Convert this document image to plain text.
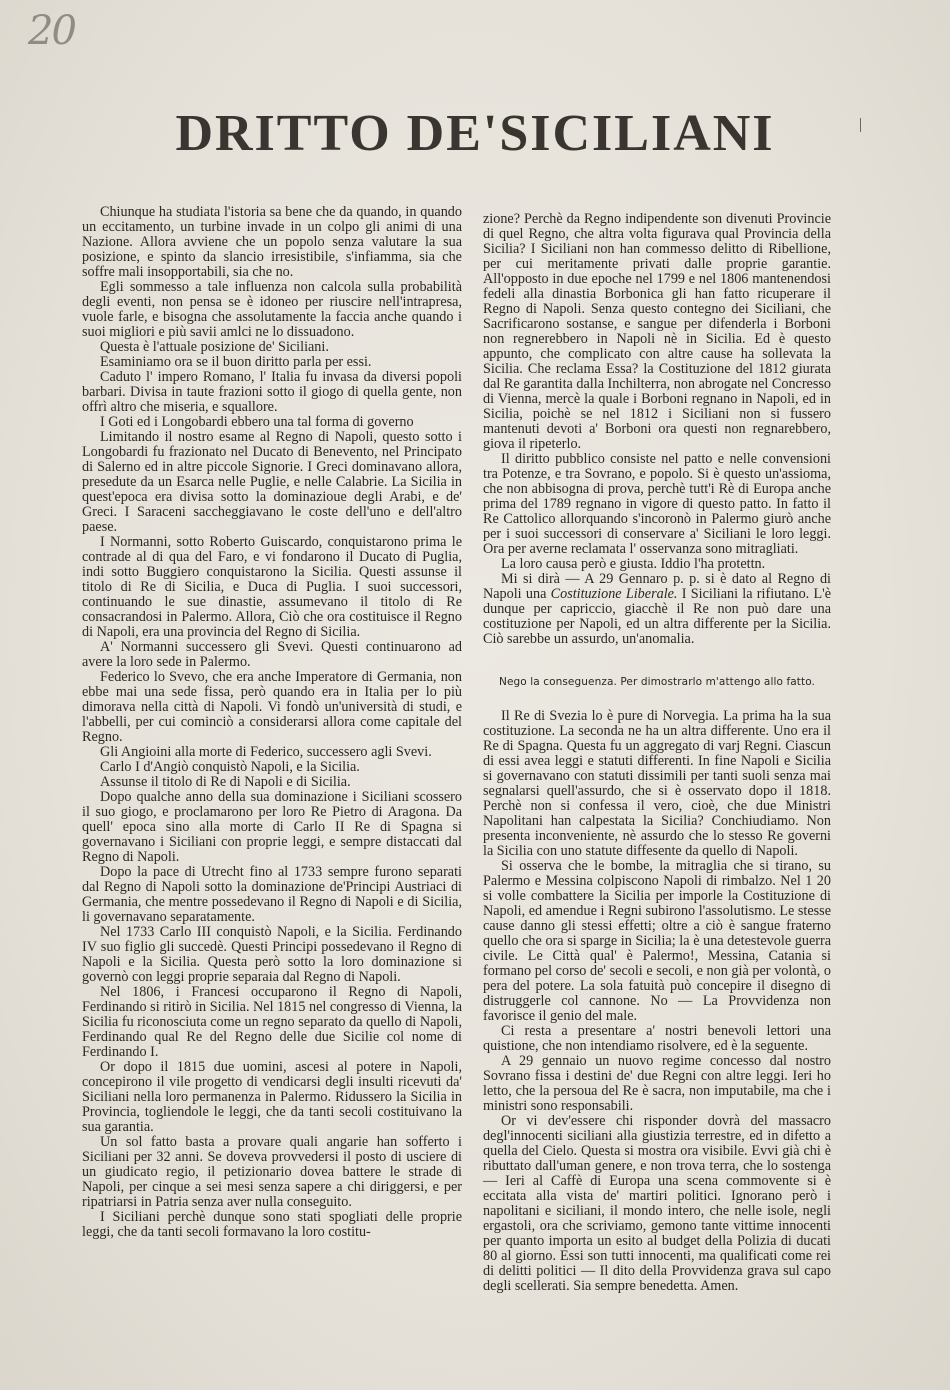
20
DRITTO DE'SICILIANI

Chiunque ha studiata l'istoria sa bene che da quando, in quando un eccitamento, un turbine invade in un colpo gli animi di una Nazione. Allora avviene che un popolo senza valutare la sua posizione, e spinto da slancio irresistibile, s'infiamma, sia che soffre mali insopportabili, sia che no.

Egli sommesso a tale influenza non calcola sulla probabilità degli eventi, non pensa se è idoneo per riuscire nell'intrapresa, vuole farle, e bisogna che assolutamente la faccia anche quando i suoi migliori e più savii amlci ne lo dissuadono.

Questa è l'attuale posizione de' Siciliani.

Esaminiamo ora se il buon diritto parla per essi.

Caduto l' impero Romano, l' Italia fu invasa da diversi popoli barbari. Divisa in taute frazioni sotto il giogo di quella gente, non offrì altro che miseria, e squallore.

I Goti ed i Longobardi ebbero una tal forma di governo

Limitando il nostro esame al Regno di Napoli, questo sotto i Longobardi fu frazionato nel Ducato di Benevento, nel Principato di Salerno ed in altre piccole Signorie. I Greci dominavano allora, presedute da un Esarca nelle Puglie, e nelle Calabrie. La Sicilia in quest'epoca era divisa sotto la dominazioue degli Arabi, e de' Greci. I Saraceni saccheggiavano le coste dell'uno e dell'altro paese.

I Normanni, sotto Roberto Guiscardo, conquistarono prima le contrade al di qua del Faro, e vi fondarono il Ducato di Puglia, indi sotto Buggiero conquistarono la Sicilia. Questi assunse il titolo di Re di Sicilia, e Duca di Puglia. I suoi successori, continuando le sue dinastie, assumevano il titolo di Re consacrandosi in Palermo. Allora, Ciò che ora costituisce il Regno di Napoli, era una provincia del Regno di Sicilia.

A' Normanni successero gli Svevi. Questi continuarono ad avere la loro sede in Palermo.

Federico lo Svevo, che era anche Imperatore di Germania, non ebbe mai una sede fissa, però quando era in Italia per lo più dimorava nella città di Napoli. Vi fondò un'università di studi, e l'abbelli, per cui cominciò a considerarsi allora come capitale del Regno.

Gli Angioini alla morte di Federico, successero agli Svevi.

Carlo I d'Angiò conquistò Napoli, e la Sicilia.

Assunse il titolo di Re di Napoli e di Sicilia.

Dopo qualche anno della sua dominazione i Siciliani scossero il suo giogo, e proclamarono per loro Re Pietro di Aragona. Da quell' epoca sino alla morte di Carlo II Re di Spagna si governavano i Siciliani con proprie leggi, e sempre distaccati dal Regno di Napoli.

Dopo la pace di Utrecht fino al 1733 sempre furono separati dal Regno di Napoli sotto la dominazione de'Principi Austriaci di Germania, che mentre possedevano il Regno di Napoli e di Sicilia, li governavano separatamente.

Nel 1733 Carlo III conquistò Napoli, e la Sicilia. Ferdinando IV suo figlio gli succedè. Questi Principi possedevano il Regno di Napoli e la Sicilia. Questa però sotto la loro dominazione si governò con leggi proprie separaia dal Regno di Napoli.

Nel 1806, i Francesi occuparono il Regno di Napoli, Ferdinando si ritirò in Sicilia. Nel 1815 nel congresso di Vienna, la Sicilia fu riconosciuta come un regno separato da quello di Napoli, Ferdinando qual Re del Regno delle due Sicilie col nome di Ferdinando I.

Or dopo il 1815 due uomini, ascesi al potere in Napoli, concepirono il vile progetto di vendicarsi degli insulti ricevuti da' Siciliani nella loro permanenza in Palermo. Ridussero la Sicilia in Provincia, togliendole le leggi, che da tanti secoli costituivano la sua garantia.

Un sol fatto basta a provare quali angarie han sofferto i Siciliani per 32 anni. Se doveva provvedersi il posto di usciere di un giudicato regio, il petizionario dovea battere le strade di Napoli, per cinque a sei mesi senza sapere a chi diriggersi, e per ripatriarsi in Patria senza aver nulla conseguito.

I Siciliani perchè dunque sono stati spogliati delle proprie leggi, che da tanti secoli formavano la loro costitu-

zione? Perchè da Regno indipendente son divenuti Provincie di quel Regno, che altra volta figurava qual Provincia della Sicilia? I Siciliani non han commesso delitto di Ribellione, per cui meritamente privati dalle proprie garantie. All'opposto in due epoche nel 1799 e nel 1806 mantenendosi fedeli alla dinastia Borbonica gli han fatto ricuperare il Regno di Napoli. Senza questo contegno dei Siciliani, che Sacrificarono sostanse, e sangue per difenderla i Borboni non regnerebbero in Napoli nè in Sicilia. Ed è questo appunto, che complicato con altre cause ha sollevata la Sicilia. Che reclama Essa? la Costituzione del 1812 giurata dal Re garantita dalla Inchilterra, non abrogate nel Concresso di Vienna, mercè la quale i Borboni regnano in Napoli, ed in Sicilia, poichè se nel 1812 i Siciliani non si fussero mantenuti devoti a' Borboni ora questi non regnarebbero, giova il ripeterlo.

Il diritto pubblico consiste nel patto e nelle convensioni tra Potenze, e tra Sovrano, e popolo. Si è questo un'assioma, che non abbisogna di prova, perchè tutt'i Rè di Europa anche prima del 1789 regnano in vigore di questo patto. In fatto il Re Cattolico allorquando s'incoronò in Palermo giurò anche per i suoi successori di conservare a' Siciliani le loro leggi. Ora per averne reclamata l' osservanza sono mitragliati.

La loro causa però e giusta. Iddio l'ha protettn.

Mi si dirà — A 29 Gennaro p. p. si è dato al Regno di Napoli una Costituzione Liberale. I Siciliani la rifiutano. L'è dunque per capriccio, giacchè il Re non può dare una costituzione per Napoli, ed un altra differente per la Sicilia. Ciò sarebbe un assurdo, un'anomalia.

Nego la conseguenza. Per dimostrarlo m'attengo allo fatto.

Il Re di Svezia lo è pure di Norvegia. La prima ha la sua costituzione. La seconda ne ha un altra differente. Uno era il Re di Spagna. Questa fu un aggregato di varj Regni. Ciascun di essi avea leggi e statuti differenti. In fine Napoli e Sicilia si governavano con statuti dissimili per tanti suoli senza mai segnalarsi quell'assurdo, che si è osservato dopo il 1818. Perchè non si confessa il vero, cioè, che due Ministri Napolitani han calpestata la Sicilia? Conchiudiamo. Non presenta inconveniente, nè assurdo che lo stesso Re governi la Sicilia con uno statute diffesente da quello di Napoli.

Si osserva che le bombe, la mitraglia che si tirano, su Palermo e Messina colpiscono Napoli di rimbalzo. Nel 1 20 si volle combattere la Sicilia per imporle la Costituzione di Napoli, ed amendue i Regni subirono l'assolutismo. Le stesse cause danno gli stessi effetti; oltre a ciò è sangue fraterno quello che ora si sparge in Sicilia; la è una detestevole guerra civile. Le Città qual' è Palermo!, Messina, Catania si formano pel corso de' secoli e secoli, e non già per volontà, o pera del potere. La sola fatuità può concepire il disegno di distruggerle col cannone. No — La Provvidenza non favorisce il genio del male.

Ci resta a presentare a' nostri benevoli lettori una quistione, che non intendiamo risolvere, ed è la seguente.

A 29 gennaio un nuovo regime concesso dal nostro Sovrano fissa i destini de' due Regni con altre leggi. Ieri ho letto, che la persoua del Re è sacra, non imputabile, ma che i ministri sono responsabili.

Or vi dev'essere chi risponder dovrà del massacro degl'innocenti siciliani alla giustizia terrestre, ed in difetto a quella del Cielo. Questa si mostra ora visibile. Evvi già chi è ributtato dall'uman genere, e non trova terra, che lo sostenga — Ieri al Caffè di Europa una scena commovente si è eccitata alla vista de' martiri politici. Ignorano però i napolitani e siciliani, il mondo intero, che nelle isole, negli ergastoli, ora che scriviamo, gemono tante vittime innocenti per quanto importa un esito al budget della Polizia di ducati 80 al giorno. Essi son tutti innocenti, ma qualificati come rei di delitti politici — Il dito della Provvidenza grava sul capo degli scellerati. Sia sempre benedetta. Amen.
